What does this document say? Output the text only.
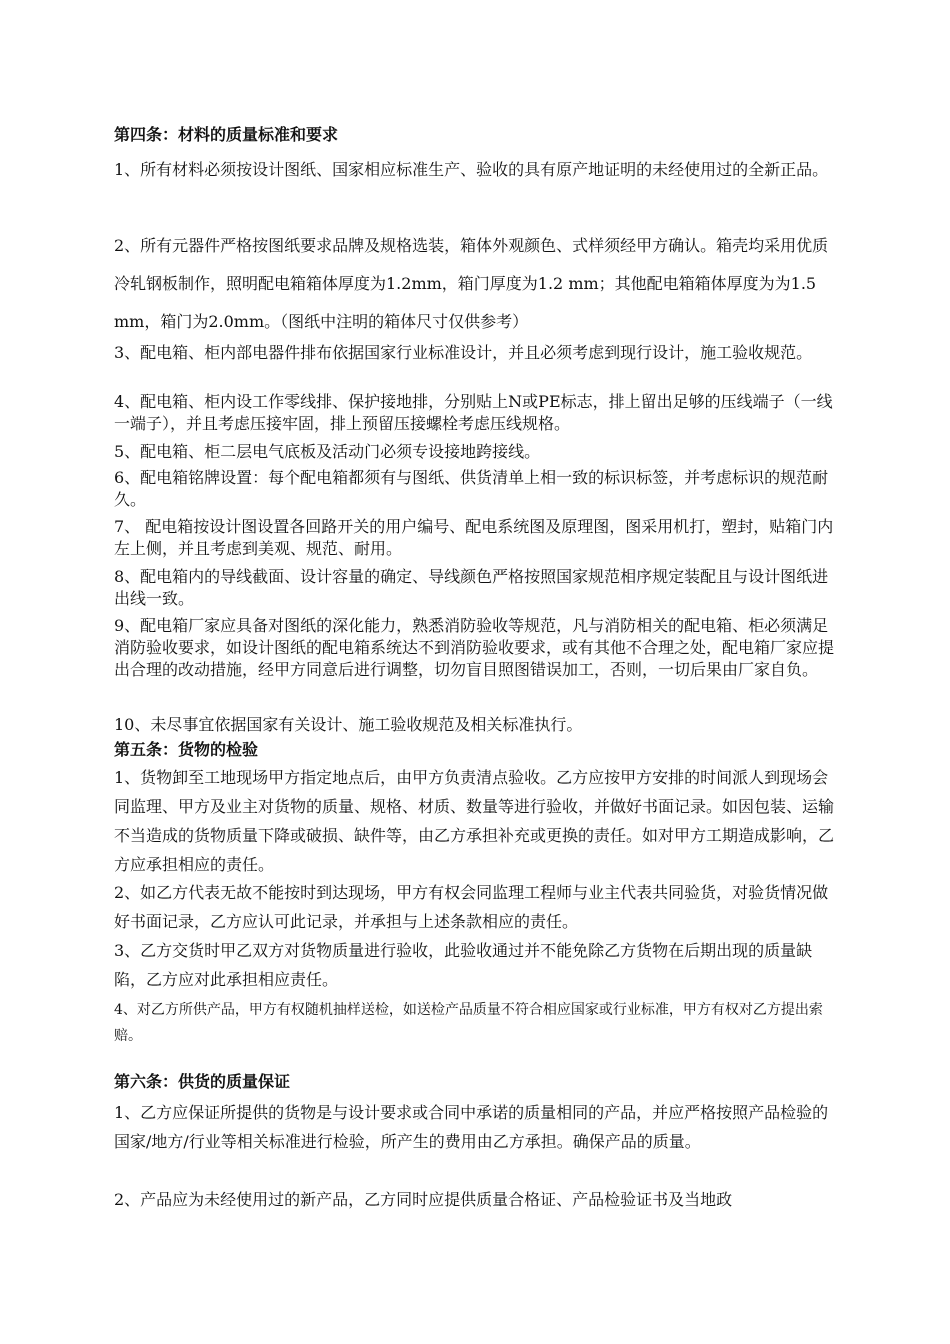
第四条：材料的质量标准和要求
1、所有材料必须按设计图纸、国家相应标准生产、验收的具有原产地证明的未经使用过的全新正品。
2、所有元器件严格按图纸要求品牌及规格选装，箱体外观颜色、式样须经甲方确认。箱壳均采用优质冷轧钢板制作，照明配电箱箱体厚度为1.2mm，箱门厚度为1.2 mm；其他配电箱箱体厚度为为1.5 mm，箱门为2.0mm。（图纸中注明的箱体尺寸仅供参考）
3、配电箱、柜内部电器件排布依据国家行业标准设计，并且必须考虑到现行设计，施工验收规范。
4、配电箱、柜内设工作零线排、保护接地排，分别贴上N或PE标志，排上留出足够的压线端子（一线一端子），并且考虑压接牢固，排上预留压接螺栓考虑压线规格。
5、配电箱、柜二层电气底板及活动门必须专设接地跨接线。
6、配电箱铭牌设置：每个配电箱都须有与图纸、供货清单上相一致的标识标签，并考虑标识的规范耐久。
7、 配电箱按设计图设置各回路开关的用户编号、配电系统图及原理图，图采用机打，塑封，贴箱门内左上侧，并且考虑到美观、规范、耐用。
8、配电箱内的导线截面、设计容量的确定、导线颜色严格按照国家规范相序规定装配且与设计图纸进出线一致。
9、配电箱厂家应具备对图纸的深化能力，熟悉消防验收等规范，凡与消防相关的配电箱、柜必须满足消防验收要求，如设计图纸的配电箱系统达不到消防验收要求，或有其他不合理之处，配电箱厂家应提出合理的改动措施，经甲方同意后进行调整，切勿盲目照图错误加工，否则，一切后果由厂家自负。
10、未尽事宜依据国家有关设计、施工验收规范及相关标准执行。
第五条：货物的检验
1、货物卸至工地现场甲方指定地点后，由甲方负责清点验收。乙方应按甲方安排的时间派人到现场会同监理、甲方及业主对货物的质量、规格、材质、数量等进行验收，并做好书面记录。如因包装、运输不当造成的货物质量下降或破损、缺件等，由乙方承担补充或更换的责任。如对甲方工期造成影响，乙方应承担相应的责任。
2、如乙方代表无故不能按时到达现场，甲方有权会同监理工程师与业主代表共同验货，对验货情况做好书面记录，乙方应认可此记录，并承担与上述条款相应的责任。
3、乙方交货时甲乙双方对货物质量进行验收，此验收通过并不能免除乙方货物在后期出现的质量缺陷，乙方应对此承担相应责任。
4、对乙方所供产品，甲方有权随机抽样送检，如送检产品质量不符合相应国家或行业标准，甲方有权对乙方提出索赔。
第六条：供货的质量保证
1、乙方应保证所提供的货物是与设计要求或合同中承诺的质量相同的产品，并应严格按照产品检验的国家/地方/行业等相关标准进行检验，所产生的费用由乙方承担。确保产品的质量。
2、产品应为未经使用过的新产品，乙方同时应提供质量合格证、产品检验证书及当地政
